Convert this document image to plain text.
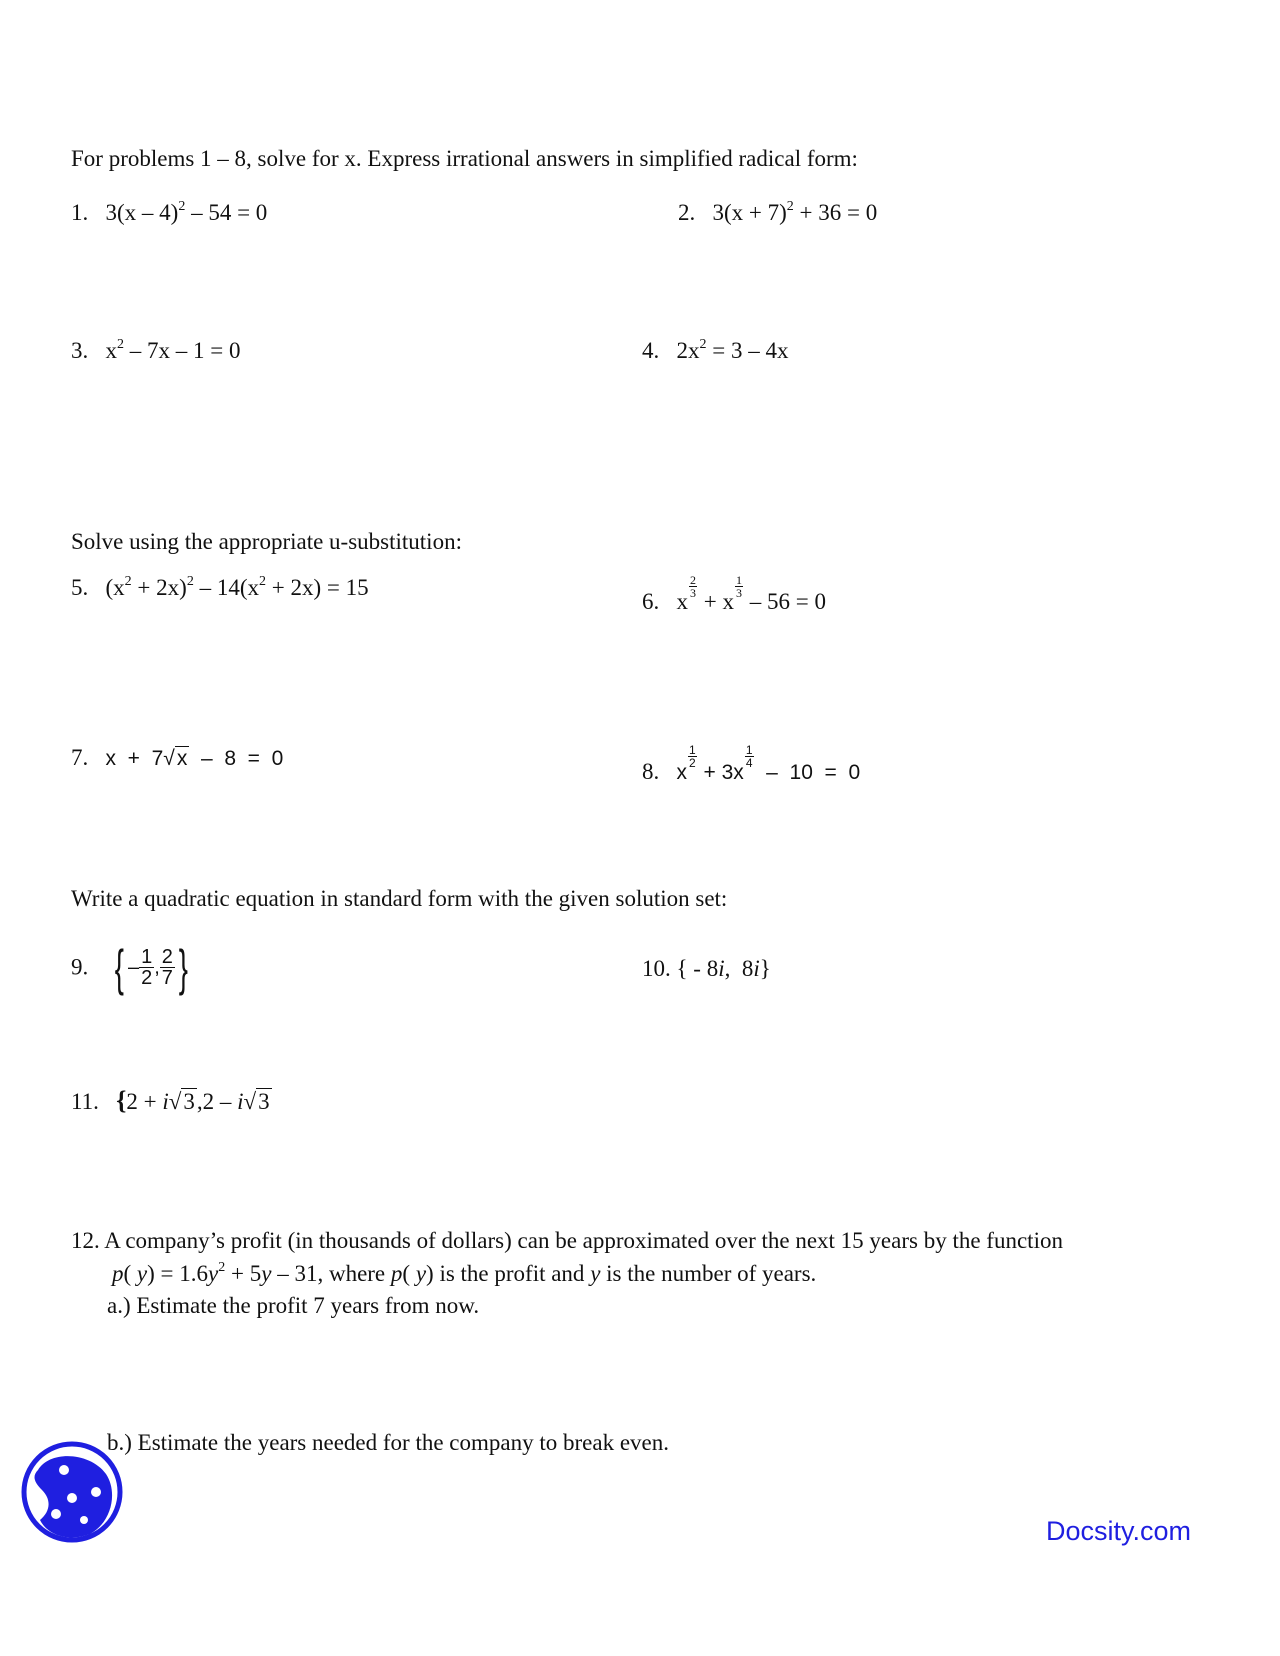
For problems 1 – 8, solve for x. Express irrational answers in simplified radical form:
1. 3(x – 4)$^2$ – 54 = 0	2. $3(x + 7)^2 + 36 = 0$
3. $x^2 - 7x - 1 = 0$	4. $2x^2 = 3 - 4x$
Solve using the appropriate u-substitution:
5. $(x^2 + 2x)^2 - 14(x^2 + 2x) = 15$
6. x
$\frac{2}{3}$
+ x
$\frac{1}{3}$
– 56 = 0
7. x  +  7√x  –  8  =  0
8. x
$\frac{1}{2}$
+ 3x
$\frac{1}{4}$
–  10  =  0
Write a quadratic equation in standard form with the given solution set:
9. { – $\frac{1}{2}$ , $\frac{2}{7}$ }	10. { - 8i,  8i}
11. {2 + i√3,2 – i√3
12. A company’s profit (in thousands of dollars) can be approximated over the next 15 years by the function
p( $y) = 1.6y^2 + 5y - 31$, where p( y) is the profit and y is the number of years.
a.) Estimate the profit 7 years from now.
b.) Estimate the years needed for the company to break even.
Docsity.com
